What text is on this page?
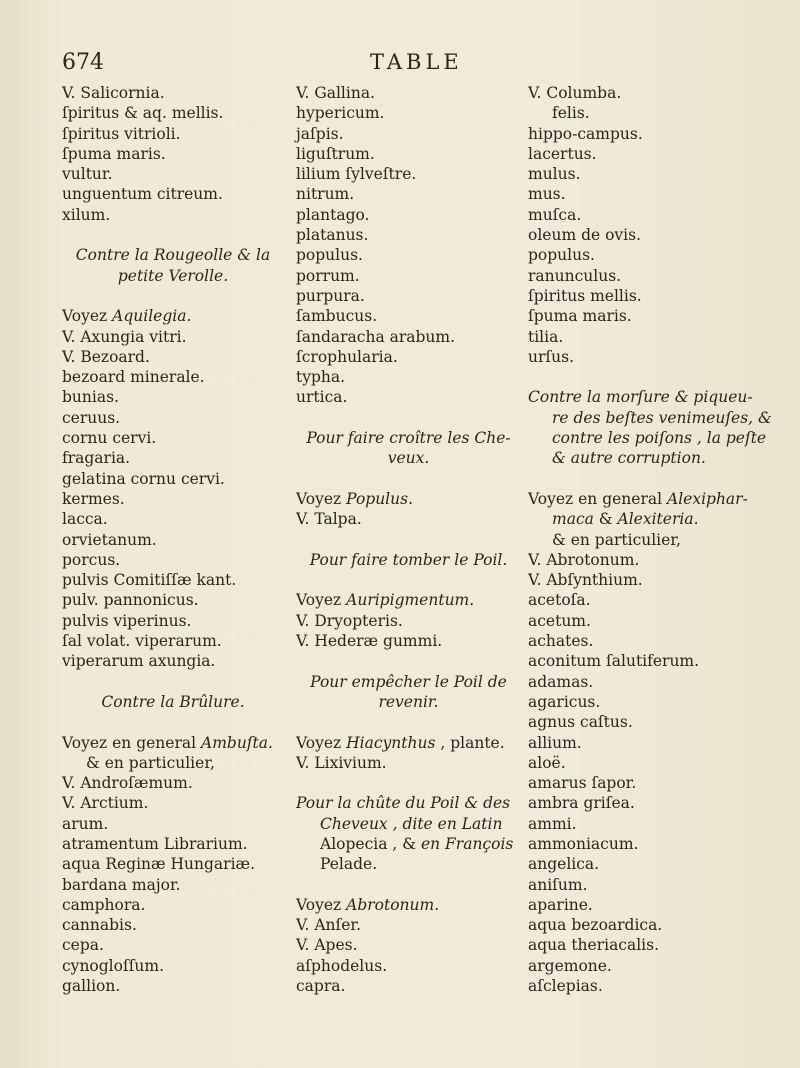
674	TABLE
V. Salicornia.
ſpiritus & aq. mellis.
ſpiritus vitrioli.
ſpuma maris.
vultur.
unguentum citreum.
xilum.
Contre la Rougeolle & la
petite Verolle.
Voyez Aquilegia.
V. Axungia vitri.
V. Bezoard.
bezoard minerale.
bunias.
ceruus.
cornu cervi.
fragaria.
gelatina cornu cervi.
kermes.
lacca.
orvietanum.
porcus.
pulvis Comitiſſæ kant.
pulv. pannonicus.
pulvis viperinus.
ſal volat. viperarum.
viperarum axungia.
Contre la Brûlure.
Voyez en general Ambuſta.
& en particulier,
V. Androſæmum.
V. Arctium.
arum.
atramentum Librarium.
aqua Reginæ Hungariæ.
bardana major.
camphora.
cannabis.
cepa.
cynogloſſum.
gallion.
V. Gallina.
hypericum.
jaſpis.
liguſtrum.
lilium ſylveſtre.
nitrum.
plantago.
platanus.
populus.
porrum.
purpura.
ſambucus.
ſandaracha arabum.
ſcrophularia.
typha.
urtica.
Pour faire croître les Che-
veux.
Voyez Populus.
V. Talpa.
Pour faire tomber le Poil.
Voyez Auripigmentum.
V. Dryopteris.
V. Hederæ gummi.
Pour empêcher le Poil de
revenir.
Voyez Hiacynthus , plante.
V. Lixivium.
Pour la chûte du Poil & des
Cheveux , dite en Latin
Alopecia , & en François
Pelade.
Voyez Abrotonum.
V. Anſer.
V. Apes.
aſphodelus.
capra.
V. Columba.
felis.
hippo-campus.
lacertus.
mulus.
mus.
muſca.
oleum de ovis.
populus.
ranunculus.
ſpiritus mellis.
ſpuma maris.
tilia.
urſus.
Contre la morſure & piqueu-
re des beſtes venimeuſes, &
contre les poiſons , la peſte
& autre corruption.
Voyez en general Alexiphar-
maca & Alexiteria.
& en particulier,
V. Abrotonum.
V. Abſynthium.
acetoſa.
acetum.
achates.
aconitum ſalutiferum.
adamas.
agaricus.
agnus caſtus.
allium.
aloë.
amarus ſapor.
ambra griſea.
ammi.
ammoniacum.
angelica.
aniſum.
aparine.
aqua bezoardica.
aqua theriacalis.
argemone.
aſclepias.
